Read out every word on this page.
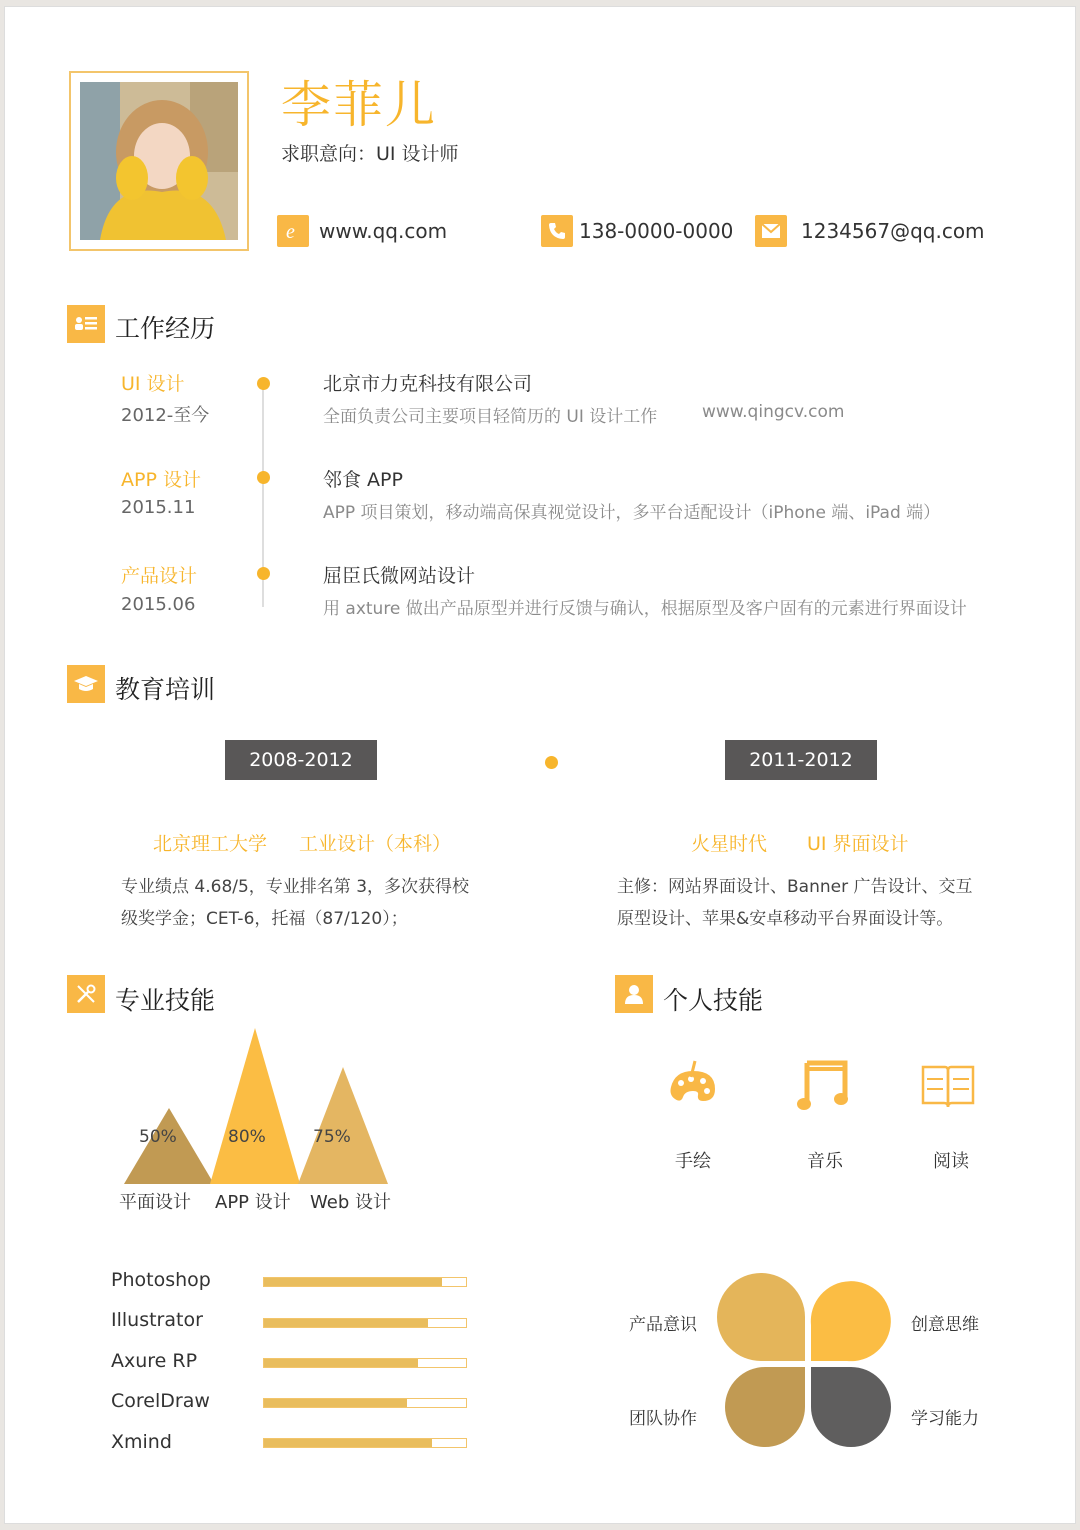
李菲儿
求职意向：UI 设计师
e www.qq.com	138-0000-0000	1234567@qq.com
工作经历
UI 设计
2012-至今
北京市力克科技有限公司
全面负责公司主要项目轻简历的 UI 设计工作	www.qingcv.com
APP 设计
2015.11
邻食 APP
APP 项目策划，移动端高保真视觉设计，多平台适配设计（iPhone 端、iPad 端）
产品设计
2015.06
屈臣氏微网站设计
用 axture 做出产品原型并进行反馈与确认，根据原型及客户固有的元素进行界面设计
教育培训
2008-2012	2011-2012
北京理工大学 工业设计（本科）
专业绩点 4.68/5，专业排名第 3，多次获得校
级奖学金；CET-6，托福（87/120）；
火星时代 UI 界面设计
主修：网站界面设计、Banner 广告设计、交互
原型设计、苹果&安卓移动平台界面设计等。
专业技能
50%	80%	75%
平面设计 APP 设计 Web 设计
Photoshop
Illustrator
Axure RP
CorelDraw
Xmind
个人技能
手绘	音乐	阅读
产品意识	创意思维
团队协作	学习能力
